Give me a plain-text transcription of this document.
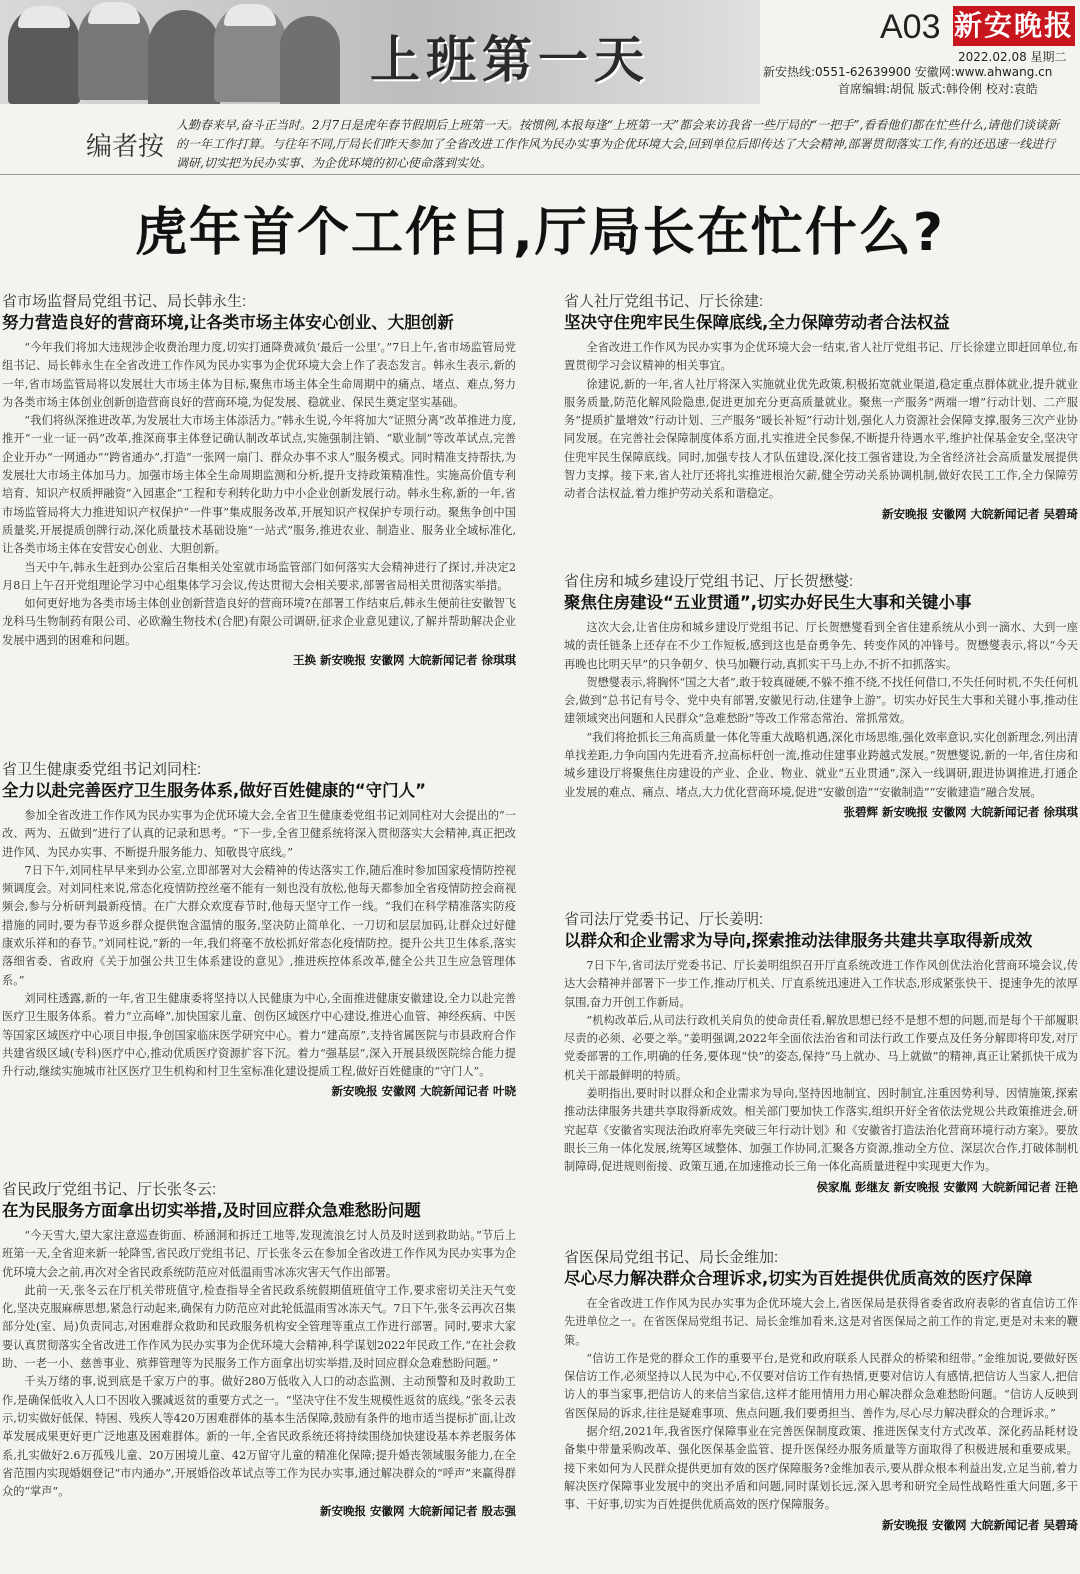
上班第一天
A03 新安晚报
2022.02.08 星期二
新安热线:0551-62639900 安徽网:www.ahwang.cn
首席编辑:胡侃 版式:韩伶俐 校对:袁皓
编者按
人勤春来早,奋斗正当时。2月7日是虎年春节假期后上班第一天。按惯例,本报每逢“上班第一天”都会来访我省一些厅局的“一把手”,看看他们都在忙些什么,请他们谈谈新的一年工作打算。与往年不同,厅局长们昨天参加了全省改进工作作风为民办实事为企优环境大会,回到单位后即传达了大会精神,部署贯彻落实工作,有的还迅速一线进行调研,切实把为民办实事、为企优环境的初心使命落到实处。
虎年首个工作日,厅局长在忙什么?

省市场监督局党组书记、局长韩永生:

努力营造良好的营商环境,让各类市场主体安心创业、大胆创新

“今年我们将加大违规涉企收费治理力度,切实打通降费减负‘最后一公里’。”7日上午,省市场监管局党组书记、局长韩永生在全省改进工作作风为民办实事为企优环境大会上作了表态发言。韩永生表示,新的一年,省市场监管局将以发展壮大市场主体为目标,聚焦市场主体全生命周期中的痛点、堵点、难点,努力为各类市场主体创业创新创造营商良好的营商环境,为促发展、稳就业、保民生奠定坚实基础。

“我们将纵深推进改革,为发展壮大市场主体添活力。”韩永生说,今年将加大“证照分离”改革推进力度,推开“一业一证一码”改革,推深商事主体登记确认制改革试点,实施强制注销、“歇业制”等改革试点,完善企业开办“一网通办”“跨省通办”,打造“一张网一扇门、群众办事不求人”服务模式。同时精准支持帮扶,为发展壮大市场主体加马力。加强市场主体全生命周期监测和分析,提升支持政策精准性。实施高价值专利培育、知识产权质押融资“入园惠企”工程和专利转化助力中小企业创新发展行动。韩永生称,新的一年,省市场监管局将大力推进知识产权保护“一件事”集成服务改革,开展知识产权保护专项行动。聚焦争创中国质量奖,开展提质创牌行动,深化质量技术基础设施“一站式”服务,推进农业、制造业、服务业全域标准化,让各类市场主体在安营安心创业、大胆创新。

当天中午,韩永生赶到办公室后召集相关处室就市场监管部门如何落实大会精神进行了探讨,并决定2月8日上午召开党组理论学习中心组集体学习会议,传达贯彻大会相关要求,部署省局相关贯彻落实举措。

如何更好地为各类市场主体创业创新营造良好的营商环境?在部署工作结束后,韩永生便前往安徽智飞龙科马生物制药有限公司、必欧瀚生物技术(合肥)有限公司调研,征求企业意见建议,了解并帮助解决企业发展中遇到的困难和问题。

王换 新安晚报 安徽网 大皖新闻记者 徐琪琪

省卫生健康委党组书记刘同柱:

全力以赴完善医疗卫生服务体系,做好百姓健康的“守门人”

参加全省改进工作作风为民办实事为企优环境大会,全省卫生健康委党组书记刘同柱对大会提出的“一改、两为、五做到”进行了认真的记录和思考。“下一步,全省卫健系统将深入贯彻落实大会精神,真正把改进作风、为民办实事、不断提升服务能力、知敬畏守底线。”

7日下午,刘同柱早早来到办公室,立即部署对大会精神的传达落实工作,随后准时参加国家疫情防控视频调度会。对刘同柱来说,常态化疫情防控丝毫不能有一刻也没有放松,他每天都参加全省疫情防控会商视频会,参与分析研判最新疫情。在广大群众欢度春节时,他每天坚守工作一线。“我们在科学精准落实防疫措施的同时,要为春节返乡群众提供饱含温情的服务,坚决防止简单化、一刀切和层层加码,让群众过好健康欢乐祥和的春节。”刘同柱说,“新的一年,我们将毫不放松抓好常态化疫情防控。提升公共卫生体系,落实落细省委、省政府《关于加强公共卫生体系建设的意见》,推进疾控体系改革,健全公共卫生应急管理体系。”

刘同柱透露,新的一年,省卫生健康委将坚持以人民健康为中心,全面推进健康安徽建设,全力以赴完善医疗卫生服务体系。着力“立高峰”,加快国家儿童、创伤区域医疗中心建设,推进心血管、神经疾病、中医等国家区域医疗中心项目申报,争创国家临床医学研究中心。着力“建高原”,支持省属医院与市县政府合作共建省级区域(专科)医疗中心,推动优质医疗资源扩容下沉。着力“强基层”,深入开展县级医院综合能力提升行动,继续实施城市社区医疗卫生机构和村卫生室标准化建设提质工程,做好百姓健康的“守门人”。

新安晚报 安徽网 大皖新闻记者 叶晓

省民政厅党组书记、厅长张冬云:

在为民服务方面拿出切实举措,及时回应群众急难愁盼问题

“今天雪大,望大家注意巡查街面、桥涵洞和拆迁工地等,发现流浪乞讨人员及时送到救助站。”节后上班第一天,全省迎来新一轮降雪,省民政厅党组书记、厅长张冬云在参加全省改进工作作风为民办实事为企优环境大会之前,再次对全省民政系统防范应对低温雨雪冰冻灾害天气作出部署。

此前一天,张冬云在厅机关带班值守,检查指导全省民政系统假期值班值守工作,要求密切关注天气变化,坚决克服麻痹思想,紧急行动起来,确保有力防范应对此轮低温雨雪冰冻天气。7日下午,张冬云再次召集部分处(室、局)负责同志,对困难群众救助和民政服务机构安全管理等重点工作进行部署。同时,要求大家要认真贯彻落实全省改进工作作风为民办实事为企优环境大会精神,科学谋划2022年民政工作,“在社会救助、一老一小、慈善事业、殡葬管理等为民服务工作方面拿出切实举措,及时回应群众急难愁盼问题。”

千头万绪的事,说到底是千家万户的事。做好280万低收入人口的动态监测、主动预警和及时救助工作,是确保低收入人口不因收入骤减返贫的重要方式之一。“坚决守住不发生规模性返贫的底线。”张冬云表示,切实做好低保、特困、残疾人等420万困难群体的基本生活保障,鼓励有条件的地市适当提标扩面,让改革发展成果更好更广泛地惠及困难群体。新的一年,全省民政系统还将持续围绕加快建设基本养老服务体系,扎实做好2.6万孤残儿童、20万困境儿童、42万留守儿童的精准化保障;提升婚丧领域服务能力,在全省范围内实现婚姻登记“市内通办”,开展婚俗改革试点等工作为民办实事,通过解决群众的“呼声”来赢得群众的“掌声”。

新安晚报 安徽网 大皖新闻记者 殷志强

省人社厅党组书记、厅长徐建:

坚决守住兜牢民生保障底线,全力保障劳动者合法权益

全省改进工作作风为民办实事为企优环境大会一结束,省人社厅党组书记、厅长徐建立即赶回单位,布置贯彻学习会议精神的相关事宜。

徐建说,新的一年,省人社厅将深入实施就业优先政策,积极拓宽就业渠道,稳定重点群体就业,提升就业服务质量,防范化解风险隐患,促进更加充分更高质量就业。聚焦一产服务“两端一增”行动计划、二产服务“提质扩量增效”行动计划、三产服务“暖长补短”行动计划,强化人力资源社会保障支撑,服务三次产业协同发展。在完善社会保障制度体系方面,扎实推进全民参保,不断提升待遇水平,维护社保基金安全,坚决守住兜牢民生保障底线。同时,加强专技人才队伍建设,深化技工强省建设,为全省经济社会高质量发展提供智力支撑。接下来,省人社厅还将扎实推进根治欠薪,健全劳动关系协调机制,做好农民工工作,全力保障劳动者合法权益,着力维护劳动关系和谐稳定。

新安晚报 安徽网 大皖新闻记者 吴碧琦

省住房和城乡建设厅党组书记、厅长贺懋燮:

聚焦住房建设“五业贯通”,切实办好民生大事和关键小事

这次大会,让省住房和城乡建设厅党组书记、厅长贺懋燮看到全省住建系统从小到一滴水、大到一座城的责任链条上还存在不少工作短板,感到这也是奋勇争先、转变作风的冲锋号。贺懋燮表示,将以“今天再晚也比明天早”的只争朝夕、快马加鞭行动,真抓实干马上办,不折不扣抓落实。

贺懋燮表示,将胸怀“国之大者”,敢于较真碰硬,不躲不推不绕,不找任何借口,不失任何时机,不失任何机会,做到“总书记有号令、党中央有部署,安徽见行动,住建争上游”。切实办好民生大事和关键小事,推动住建领域突出问题和人民群众“急难愁盼”等改工作常态常治、常抓常效。

“我们将抢抓长三角高质量一体化等重大战略机遇,深化市场思维,强化效率意识,实化创新理念,列出清单找差距,力争向国内先进看齐,拉高标杆创一流,推动住建事业跨越式发展。”贺懋燮说,新的一年,省住房和城乡建设厅将聚焦住房建设的产业、企业、物业、就业“五业贯通”,深入一线调研,跟进协调推进,打通企业发展的难点、痛点、堵点,大力优化营商环境,促进“安徽创造”“安徽制造”“安徽建造”融合发展。

张碧辉 新安晚报 安徽网 大皖新闻记者 徐琪琪

省司法厅党委书记、厅长姜明:

以群众和企业需求为导向,探索推动法律服务共建共享取得新成效

7日下午,省司法厅党委书记、厅长姜明组织召开厅直系统改进工作作风创优法治化营商环境会议,传达大会精神并部署下一步工作,推动厅机关、厅直系统迅速进入工作状态,形成紧张快干、提速争先的浓厚氛围,奋力开创工作新局。

“机构改革后,从司法行政机关肩负的使命责任看,解放思想已经不是想不想的问题,而是每个干部履职尽责的必须、必要之举。”姜明强调,2022年全面依法治省和司法行政工作要点及任务分解即将印发,对厅党委部署的工作,明确的任务,要体现“快”的姿态,保持“马上就办、马上就做”的精神,真正让紧抓快干成为机关干部最鲜明的特质。

姜明指出,要时时以群众和企业需求为导向,坚持因地制宜、因时制宜,注重因势利导、因情施策,探索推动法律服务共建共享取得新成效。相关部门要加快工作落实,组织开好全省依法党规公共政策推进会,研究起草《安徽省实现法治政府率先突破三年行动计划》和《安徽省打造法治化营商环境行动方案》。要放眼长三角一体化发展,统筹区域整体、加强工作协同,汇聚各方资源,推动全方位、深层次合作,打破体制机制障碍,促进规则衔接、政策互通,在加速推动长三角一体化高质量进程中实现更大作为。

侯家胤 彭继友 新安晚报 安徽网 大皖新闻记者 汪艳

省医保局党组书记、局长金维加:

尽心尽力解决群众合理诉求,切实为百姓提供优质高效的医疗保障

在全省改进工作作风为民办实事为企优环境大会上,省医保局是获得省委省政府表彰的省直信访工作先进单位之一。在省医保局党组书记、局长金维加看来,这是对省医保局之前工作的肯定,更是对未来的鞭策。

“信访工作是党的群众工作的重要平台,是党和政府联系人民群众的桥梁和纽带。”金维加说,要做好医保信访工作,必须坚持以人民为中心,不仅要对信访工作有热情,更要对信访人有感情,把信访人当家人,把信访人的事当家事,把信访人的来信当家信,这样才能用情用力用心解决群众急难愁盼问题。“信访人反映到省医保局的诉求,往往是疑难事项、焦点问题,我们要勇担当、善作为,尽心尽力解决群众的合理诉求。”

据介绍,2021年,我省医疗保障事业在完善医保制度政策、推进医保支付方式改革、深化药品耗材设备集中带量采购改革、强化医保基金监管、提升医保经办服务质量等方面取得了积极进展和重要成果。接下来如何为人民群众提供更加有效的医疗保障服务?金维加表示,要从群众根本利益出发,立足当前,着力解决医疗保障事业发展中的突出矛盾和问题,同时谋划长远,深入思考和研究全局性战略性重大问题,多干事、干好事,切实为百姓提供优质高效的医疗保障服务。

新安晚报 安徽网 大皖新闻记者 吴碧琦
